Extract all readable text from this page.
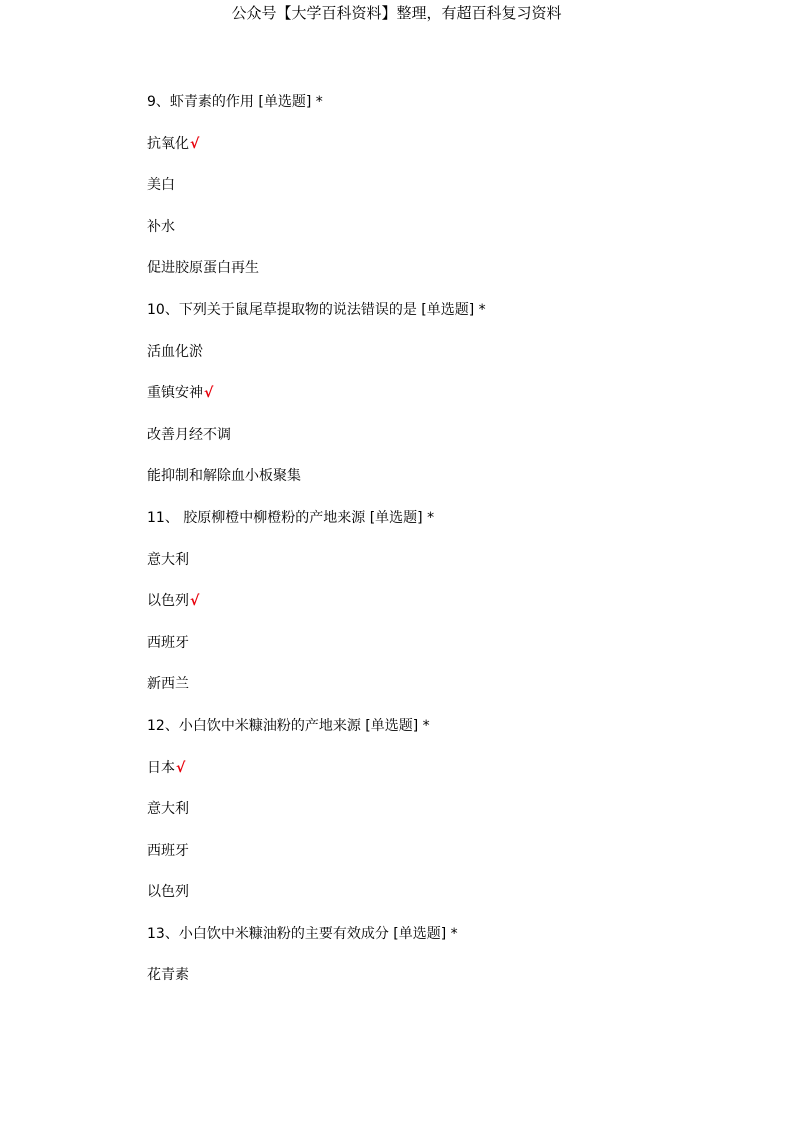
公众号【大学百科资料】整理，有超百科复习资料
9、虾青素的作用 [单选题] *
抗氧化√
美白
补水
促进胶原蛋白再生
10、下列关于鼠尾草提取物的说法错误的是 [单选题] *
活血化淤
重镇安神√
改善月经不调
能抑制和解除血小板聚集
11、 胶原柳橙中柳橙粉的产地来源 [单选题] *
意大利
以色列√
西班牙
新西兰
12、小白饮中米糠油粉的产地来源 [单选题] *
日本√
意大利
西班牙
以色列
13、小白饮中米糠油粉的主要有效成分 [单选题] *
花青素
